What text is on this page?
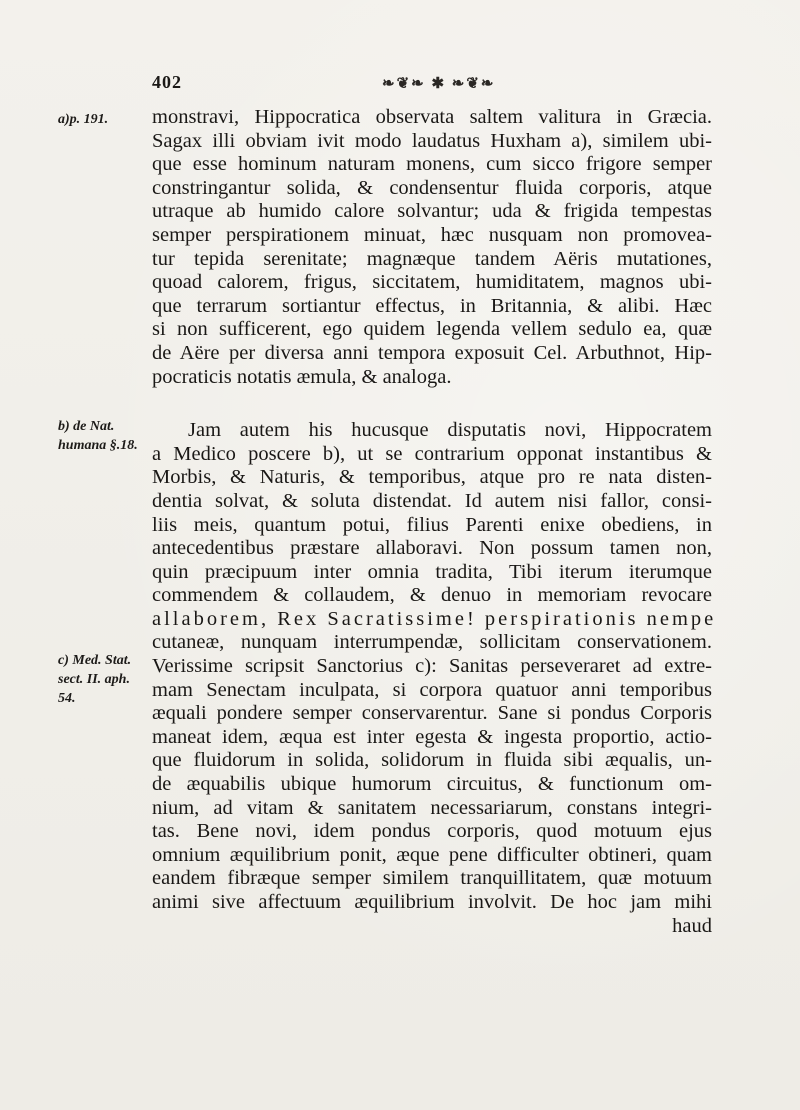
402	❧❦❧ ✱ ❧❦❧
a)p. 191.
b) de Nat.
humana §.18.
c) Med. Stat.
sect. II. aph.
54.
monstravi, Hippocratica observata saltem valitura in Græcia.
Sagax illi obviam ivit modo laudatus Huxham a), similem ubi-
que esse hominum naturam monens, cum sicco frigore semper
constringantur solida, & condensentur fluida corporis, atque
utraque ab humido calore solvantur; uda & frigida tempestas
semper perspirationem minuat, hæc nusquam non promovea-
tur tepida serenitate; magnæque tandem Aëris mutationes,
quoad calorem, frigus, siccitatem, humiditatem, magnos ubi-
que terrarum sortiantur effectus, in Britannia, & alibi. Hæc
si non sufficerent, ego quidem legenda vellem sedulo ea, quæ
de Aëre per diversa anni tempora exposuit Cel. Arbuthnot, Hip-
pocraticis notatis æmula, & analoga.
Jam autem his hucusque disputatis novi, Hippocratem
a Medico poscere b), ut se contrarium opponat instantibus &
Morbis, & Naturis, & temporibus, atque pro re nata disten-
dentia solvat, & soluta distendat. Id autem nisi fallor, consi-
liis meis, quantum potui, filius Parenti enixe obediens, in
antecedentibus præstare allaboravi. Non possum tamen non,
quin præcipuum inter omnia tradita, Tibi iterum iterumque
commendem & collaudem, & denuo in memoriam revocare
allaborem, Rex Sacratissime! perspirationis nempe
cutaneæ, nunquam interrumpendæ, sollicitam conservationem.
Verissime scripsit Sanctorius c): Sanitas perseveraret ad extre-
mam Senectam inculpata, si corpora quatuor anni temporibus
æquali pondere semper conservarentur. Sane si pondus Corporis
maneat idem, æqua est inter egesta & ingesta proportio, actio-
que fluidorum in solida, solidorum in fluida sibi æqualis, un-
de æquabilis ubique humorum circuitus, & functionum om-
nium, ad vitam & sanitatem necessariarum, constans integri-
tas. Bene novi, idem pondus corporis, quod motuum ejus
omnium æquilibrium ponit, æque pene difficulter obtineri, quam
eandem fibræque semper similem tranquillitatem, quæ motuum
animi sive affectuum æquilibrium involvit. De hoc jam mihi
haud
